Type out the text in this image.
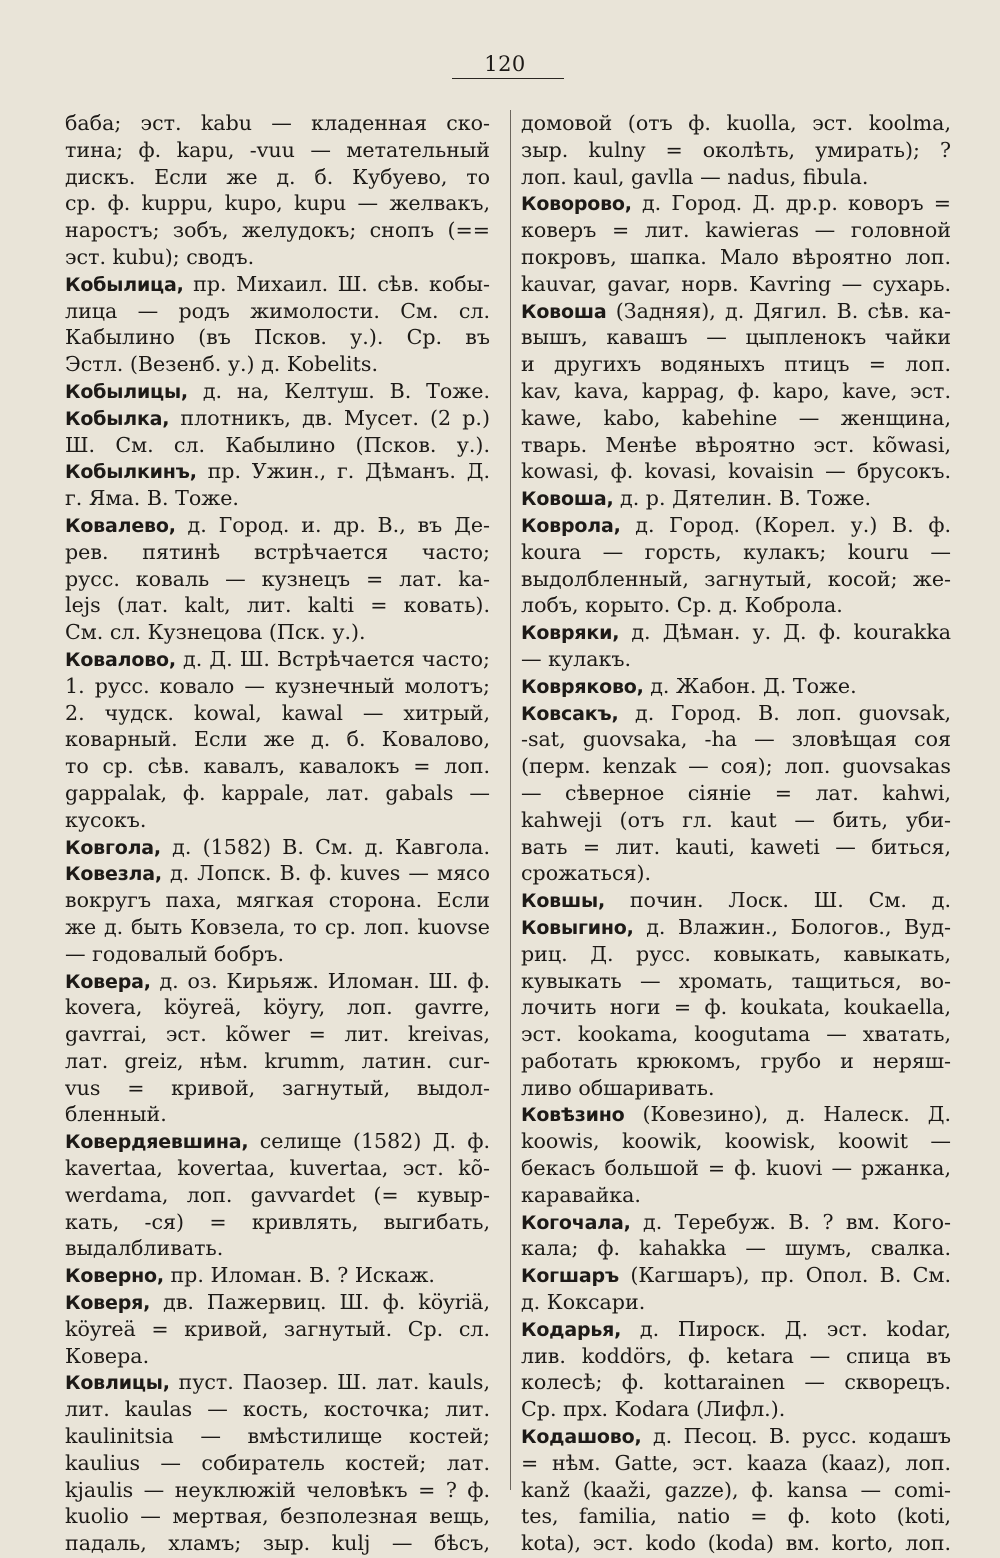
120
баба; эст. kabu — кладенная ско-
тина; ф. kapu, -vuu — метательный
дискъ. Если же д. б. Кубуево, то
ср. ф. kuppu, kupo, kupu — желвакъ,
наростъ; зобъ, желудокъ; снопъ (==
эст. kubu); сводъ.
Кобылица, пр. Михаил. Ш. сѣв. кобы-
лица — родъ жимолости. См. сл.
Кабылино (въ Псков. у.). Ср. въ
Эстл. (Везенб. у.) д. Kobelits.
Кобылицы, д. на, Келтуш. В. Тоже.
Кобылка, плотникъ, дв. Мусет. (2 р.)
Ш. См. сл. Кабылино (Псков. у.).
Кобылкинъ, пр. Ужин., г. Дѣманъ. Д.
г. Яма. В. Тоже.
Ковалево, д. Город. и. др. В., въ Де-
рев. пятинѣ встрѣчается часто;
русс. коваль — кузнецъ = лат. ka-
lejs (лат. kalt, лит. kalti = ковать).
См. сл. Кузнецова (Пск. у.).
Ковалово, д. Д. Ш. Встрѣчается часто;
1. русс. ковало — кузнечный молотъ;
2. чудск. kowal, kawal — хитрый,
коварный. Если же д. б. Ковалово,
то ср. сѣв. кавалъ, кавалокъ = лоп.
gappalak, ф. kappale, лат. gabals —
кусокъ.
Ковгола, д. (1582) В. См. д. Кавгола.
Ковезла, д. Лопск. В. ф. kuves — мясо
вокругъ паха, мягкая сторона. Если
же д. быть Ковзела, то ср. лоп. kuovse
— годовалый бобръ.
Ковера, д. оз. Кирьяж. Иломан. Ш. ф.
kovera, köyreä, köyry, лоп. gavrre,
gavrrai, эст. kõwer = лит. kreivas,
лат. greiz, нѣм. krumm, латин. cur-
vus = кривой, загнутый, выдол-
бленный.
Ковердяевшина, селище (1582) Д. ф.
kavertaa, kovertaa, kuvertaa, эст. kõ-
werdama, лоп. gavvardet (= кувыр-
кать, -ся) = кривлять, выгибать,
выдалбливать.
Коверно, пр. Иломан. В. ? Искаж.
Коверя, дв. Пажервиц. Ш. ф. köyriä,
köyreä = кривой, загнутый. Ср. сл.
Ковера.
Ковлицы, пуст. Паозер. Ш. лат. kauls,
лит. kaulas — кость, косточка; лит.
kaulinitsia — вмѣстилище костей;
kaulius — собиратель костей; лат.
kjaulis — неуклюжій человѣкъ = ? ф.
kuolio — мертвая, безполезная вещь,
падаль, хламъ; зыр. kulj — бѣсъ,
домовой (отъ ф. kuolla, эст. koolma,
зыр. kulny = околѣть, умирать); ?
лоп. kaul, gavlla — nadus, fibula.
Коворово, д. Город. Д. др.р. коворъ =
коверъ = лит. kawieras — головной
покровъ, шапка. Мало вѣроятно лоп.
kauvar, gavar, норв. Kavring — сухарь.
Ковоша (Задняя), д. Дягил. В. сѣв. ка-
вышъ, кавашъ — цыпленокъ чайки
и другихъ водяныхъ птицъ = лоп.
kav, kava, kappag, ф. kapo, kave, эст.
kawe, kabo, kabehine — женщина,
тварь. Менѣе вѣроятно эст. kõwasi,
kowasi, ф. kovasi, kovaisin — брусокъ.
Ковоша, д. р. Дятелин. В. Тоже.
Коврола, д. Город. (Корел. у.) В. ф.
koura — горсть, кулакъ; kouru —
выдолбленный, загнутый, косой; же-
лобъ, корыто. Ср. д. Коброла.
Ковряки, д. Дѣман. у. Д. ф. kourakka
— кулакъ.
Ковряково, д. Жабон. Д. Тоже.
Ковсакъ, д. Город. В. лоп. guovsak,
-sat, guovsaka, -ha — зловѣщая соя
(перм. kenzak — соя); лоп. guovsakas
— сѣверное сіяніе = лат. kahwi,
kahweji (отъ гл. kaut — бить, уби-
вать = лит. kauti, kaweti — биться,
срожаться).
Ковшы, почин. Лоск. Ш. См. д.
Ковыгино, д. Влажин., Бологов., Вуд-
риц. Д. русс. ковыкать, кавыкать,
кувыкать — хромать, тащиться, во-
лочить ноги = ф. koukata, koukaella,
эст. kookama, koogutama — хватать,
работать крюкомъ, грубо и неряш-
ливо обшаривать.
Ковѣзино (Ковезино), д. Налеск. Д.
koowis, koowik, koowisk, koowit —
бекасъ большой = ф. kuovi — ржанка,
каравайка.
Когочала, д. Теребуж. В. ? вм. Кого-
кала; ф. kahakka — шумъ, свалка.
Когшаръ (Кагшаръ), пр. Опол. В. См.
д. Коксари.
Кодарья, д. Пироск. Д. эст. kodar,
лив. koddörs, ф. ketara — спица въ
колесѣ; ф. kottarainen — скворецъ.
Ср. прх. Kodara (Лифл.).
Кодашово, д. Песоц. В. русс. кодашъ
= нѣм. Gatte, эст. kaaza (kaaz), лоп.
kanž (kaaži, gazze), ф. kansa — comi-
tes, familia, natio = ф. koto (koti,
kota), эст. kodo (koda) вм. korto, лоп.
